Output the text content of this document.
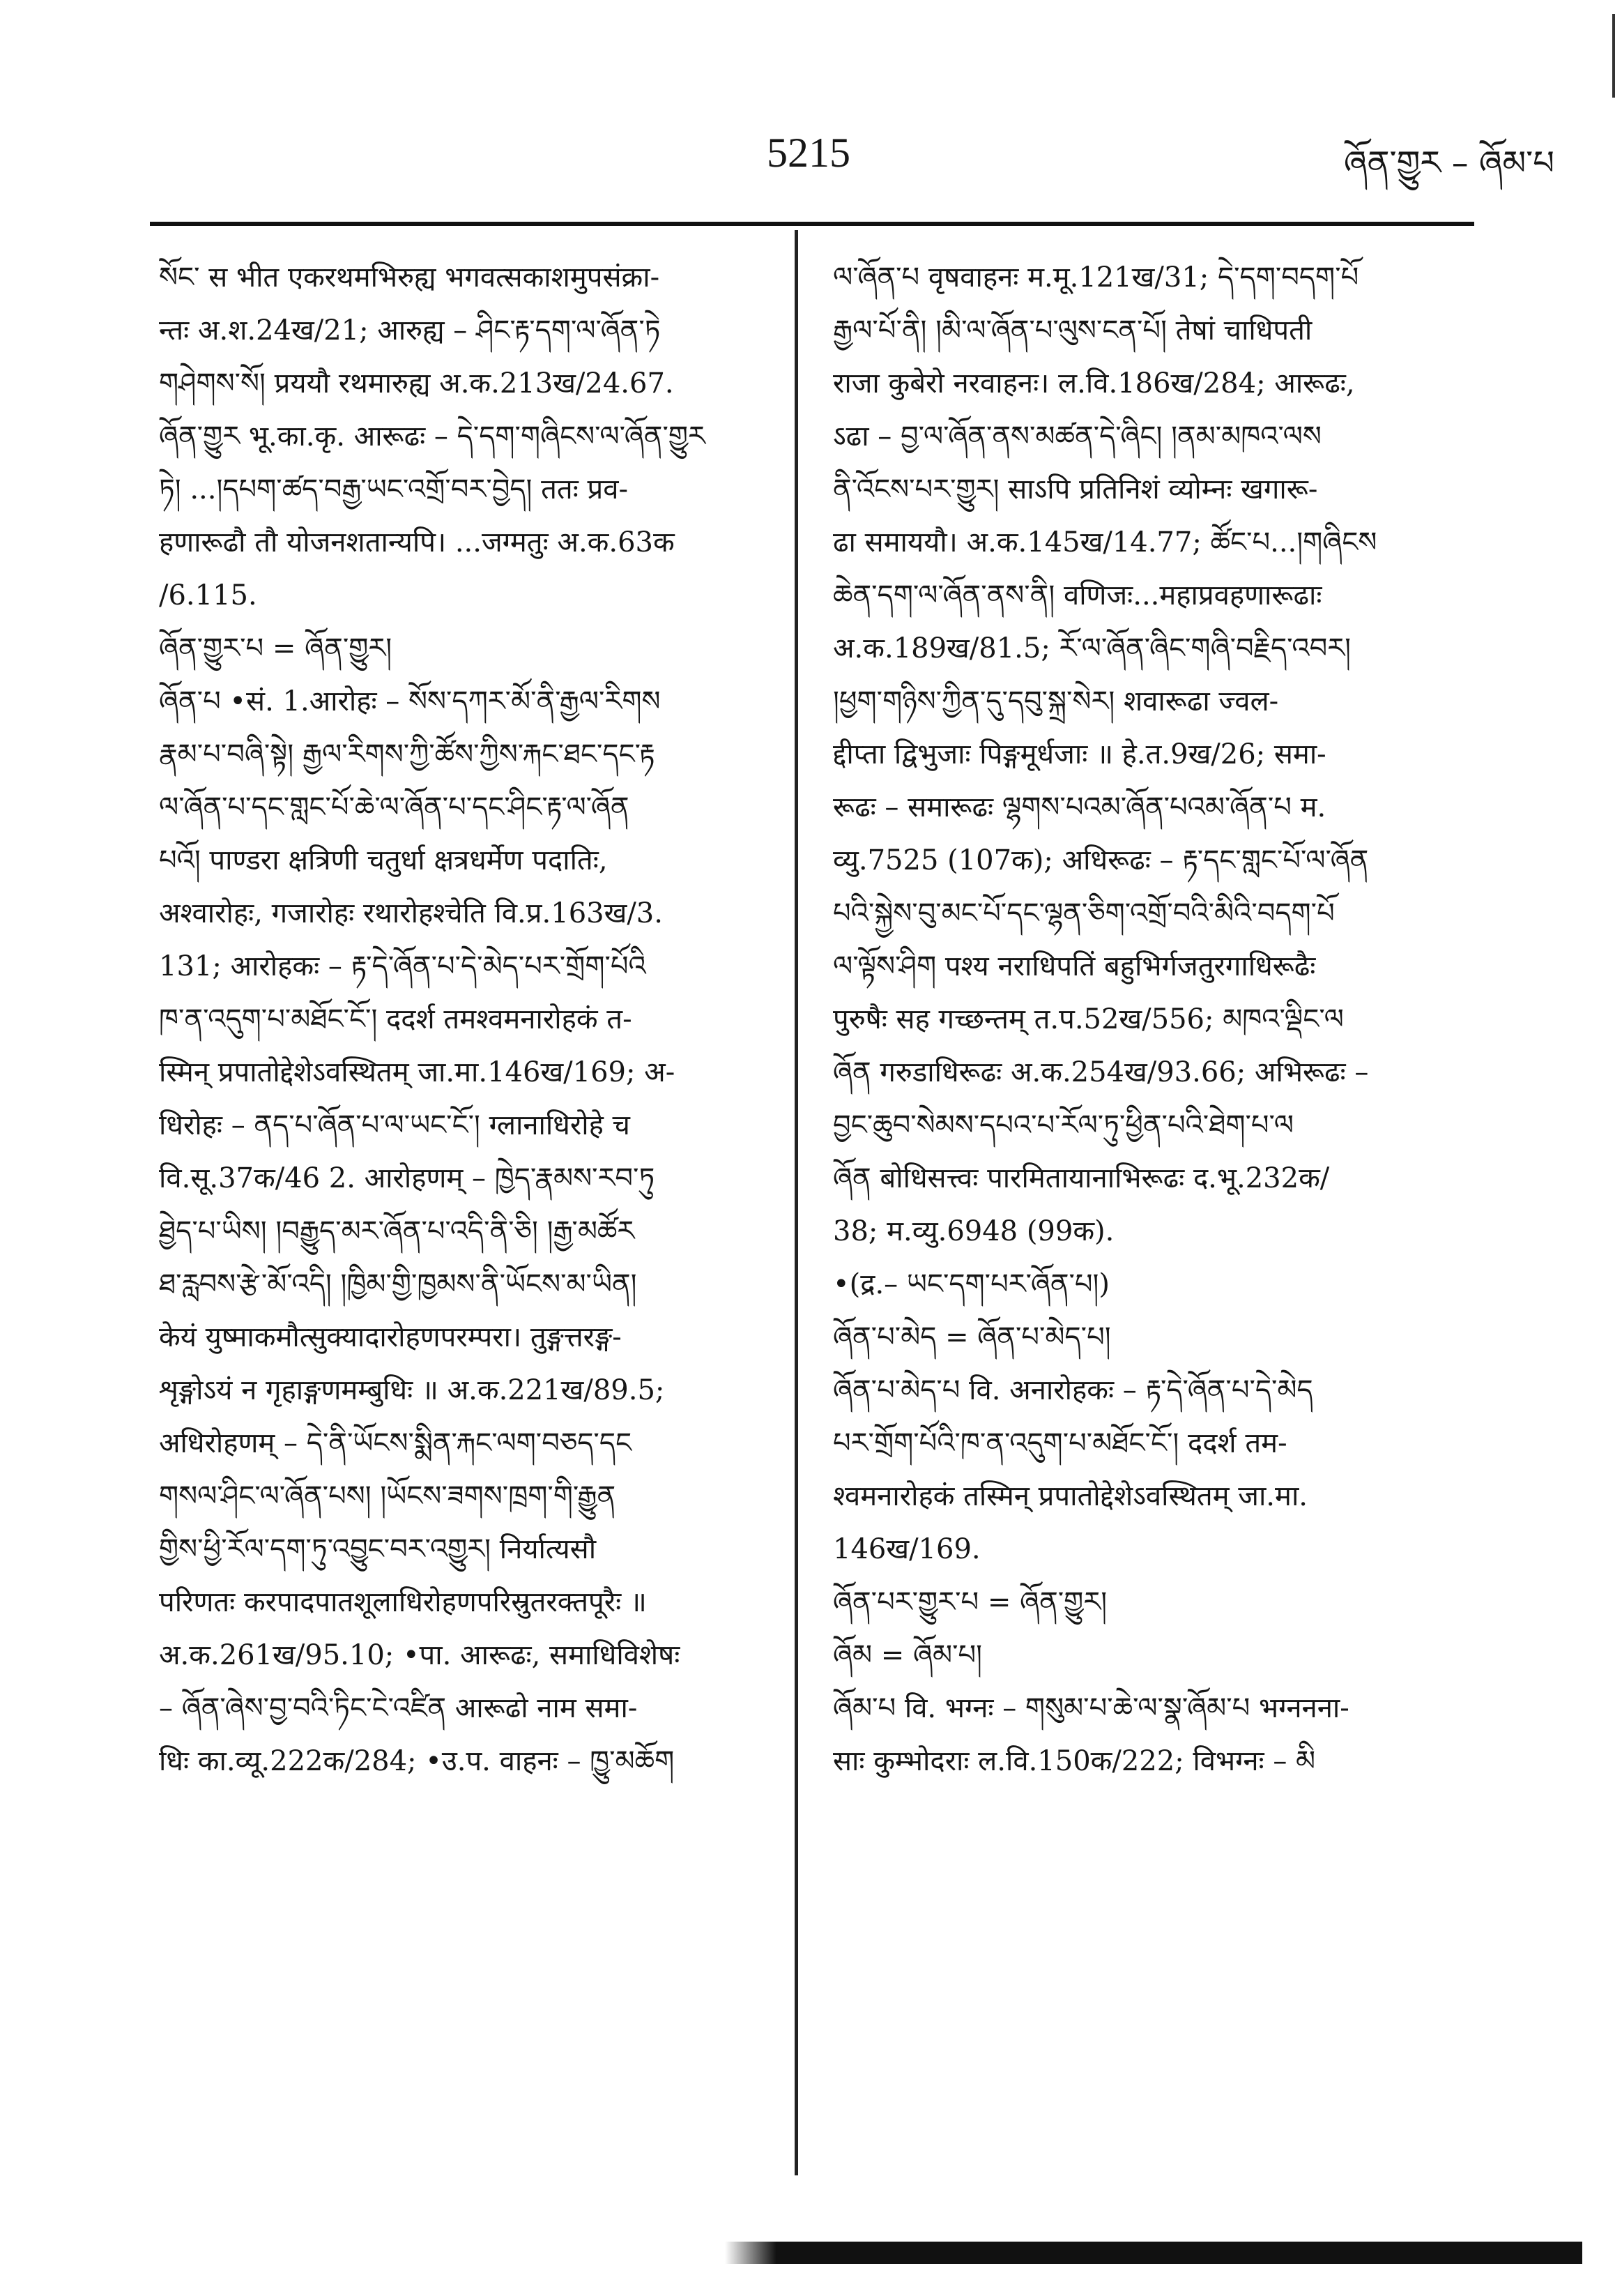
5215	ཞོན་གྱུར – ཞོམ་པ
སོང་ स भीत एकरथमभिरुह्य भगवत्सकाशमुपसंक्रा-
न्तः अ.श.24ख/21; आरुह्य – ཤིང་རྟ་དག་ལ་ཞོན་ཏེ
གཤེགས་སོ། प्रययौ रथमारुह्य अ.क.213ख/24.67.
ཞོན་གྱུར भू.का.कृ. आरूढः – དེ་དག་གཞིངས་ལ་ཞོན་གྱུར
ཏེ། ...།དཔག་ཚད་བརྒྱ་ཡང་འགྲོ་བར་བྱེད། ततः प्रव-
हणारूढौ तौ योजनशतान्यपि। ...जग्मतुः अ.क.63क
/6.115.
ཞོན་གྱུར་པ = ཞོན་གྱུར།
ཞོན་པ •सं. 1.आरोहः – སོས་དཀར་མོ་ནི་རྒྱལ་རིགས
རྣམ་པ་བཞི་སྟེ། རྒྱལ་རིགས་ཀྱི་ཚོས་ཀྱིས་རྐང་ཐང་དང་རྟ
ལ་ཞོན་པ་དང་གླང་པོ་ཆེ་ལ་ཞོན་པ་དང་ཤིང་རྟ་ལ་ཞོན
པའོ། पाण्डरा क्षत्रिणी चतुर्धा क्षत्रधर्मेण पदातिः,
अश्वारोहः, गजारोहः रथारोहश्चेति वि.प्र.163ख/3.
131; आरोहकः – རྟ་དེ་ཞོན་པ་དེ་མེད་པར་གྲོག་པོའི
ཁ་ན་འདུག་པ་མཐོང་ངོ་། ददर्श तमश्वमनारोहकं त-
स्मिन् प्रपातोद्देशेऽवस्थितम् जा.मा.146ख/169; अ-
धिरोहः – ནད་པ་ཞོན་པ་ལ་ཡང་ངོ་། ग्लानाधिरोहे च
वि.सू.37क/46 2. आरोहणम् – ཁྱེད་རྣམས་རབ་ཏུ
ཐྱེད་པ་ཡིས། །བརྒྱུད་མར་ཞོན་པ་འདི་ནི་ཅི། །རྒྱ་མཚོར
ཐ་རླབས་རྩེ་མོ་འདི། །ཁྱིམ་གྱི་ཁྱམས་ནི་ཡོངས་མ་ཡིན།
केयं युष्माकमौत्सुक्यादारोहणपरम्परा। तुङ्गत्तरङ्ग-
शृङ्गोऽयं न गृहाङ्गणमम्बुधिः ॥ अ.क.221ख/89.5;
अधिरोहणम् – དེ་ནི་ཡོངས་སྨིན་རྐང་ལག་བཅད་དང
གསལ་ཤིང་ལ་ཞོན་པས། །ཡོངས་ཟགས་ཁྲག་གི་རྒྱུན
གྱིས་ཕྱི་རོལ་དག་ཏུ་འབྱུང་བར་འགྱུར། निर्यात्यसौ
परिणतः करपादपातशूलाधिरोहणपरिस्रुतरक्तपूरैः ॥
अ.क.261ख/95.10; •पा. आरूढः, समाधिविशेषः
– ཞོན་ཞེས་བྱ་བའི་ཏིང་ངེ་འཛིན आरूढो नाम समा-
धिः का.व्यू.222क/284; •उ.प. वाहनः – ཁྱུ་མཆོག
ལ་ཞོན་པ वृषवाहनः म.मू.121ख/31; དེ་དག་བདག་པོ
རྒྱལ་པོ་ནི། །མི་ལ་ཞོན་པ་ལུས་ངན་པོ། तेषां चाधिपती
राजा कुबेरो नरवाहनः। ल.वि.186ख/284; आरूढः,
ऽढा – བྱ་ལ་ཞོན་ནས་མཚན་དེ་ཞིང། །ནམ་མཁའ་ལས
ནི་འོངས་པར་གྱུར། साऽपि प्रतिनिशं व्योम्नः खगारू-
ढा समाययौ। अ.क.145ख/14.77; ཚོང་པ...།གཞིངས
ཆེན་དག་ལ་ཞོན་ནས་ནི། वणिजः...महाप्रवहणारूढाः
अ.क.189ख/81.5; རོ་ལ་ཞོན་ཞིང་གཞི་བརྗིད་འབར།
།ཕྱག་གཉིས་ཀྱིན་དུ་དབུ་སྐྲ་སེར། शवारूढा ज्वल-
द्दीप्ता द्विभुजाः पिङ्गमूर्धजाः ॥ हे.त.9ख/26; समा-
रूढः – समारूढः ལྷགས་པའམ་ཞོན་པའམ་ཞོན་པ म.
व्यु.7525 (107क); अधिरूढः – རྟ་དང་གླང་པོ་ལ་ཞོན
པའི་སྐྱེས་བུ་མང་པོ་དང་ལྷན་ཅིག་འགྲོ་བའི་མིའི་བདག་པོ
ལ་ལྟོས་ཤིག पश्य नराधिपतिं बहुभिर्गजतुरगाधिरूढैः
पुरुषैः सह गच्छन्तम् त.प.52ख/556; མཁའ་ལྡིང་ལ
ཞོན गरुडाधिरूढः अ.क.254ख/93.66; अभिरूढः –
བྱང་ཆུབ་སེམས་དཔའ་པ་རོལ་ཏུ་ཕྱིན་པའི་ཐེག་པ་ལ
ཞོན बोधिसत्त्वः पारमितायानाभिरूढः द.भू.232क/
38; म.व्यु.6948 (99क).
•(द्र.– ཡང་དག་པར་ཞོན་པ།)
ཞོན་པ་མེད = ཞོན་པ་མེད་པ།
ཞོན་པ་མེད་པ वि. अनारोहकः – རྟ་དེ་ཞོན་པ་དེ་མེད
པར་གྲོག་པོའི་ཁ་ན་འདུག་པ་མཐོང་ངོ་། ददर्श तम-
श्वमनारोहकं तस्मिन् प्रपातोद्देशेऽवस्थितम् जा.मा.
146ख/169.
ཞོན་པར་གྱུར་པ = ཞོན་གྱུར།
ཞོམ = ཞོམ་པ།
ཞོམ་པ वि. भग्नः – གསུམ་པ་ཆེ་ལ་སྣ་ཞོམ་པ भग्ननना-
साः कुम्भोदराः ल.वि.150क/222; विभग्नः – མི
